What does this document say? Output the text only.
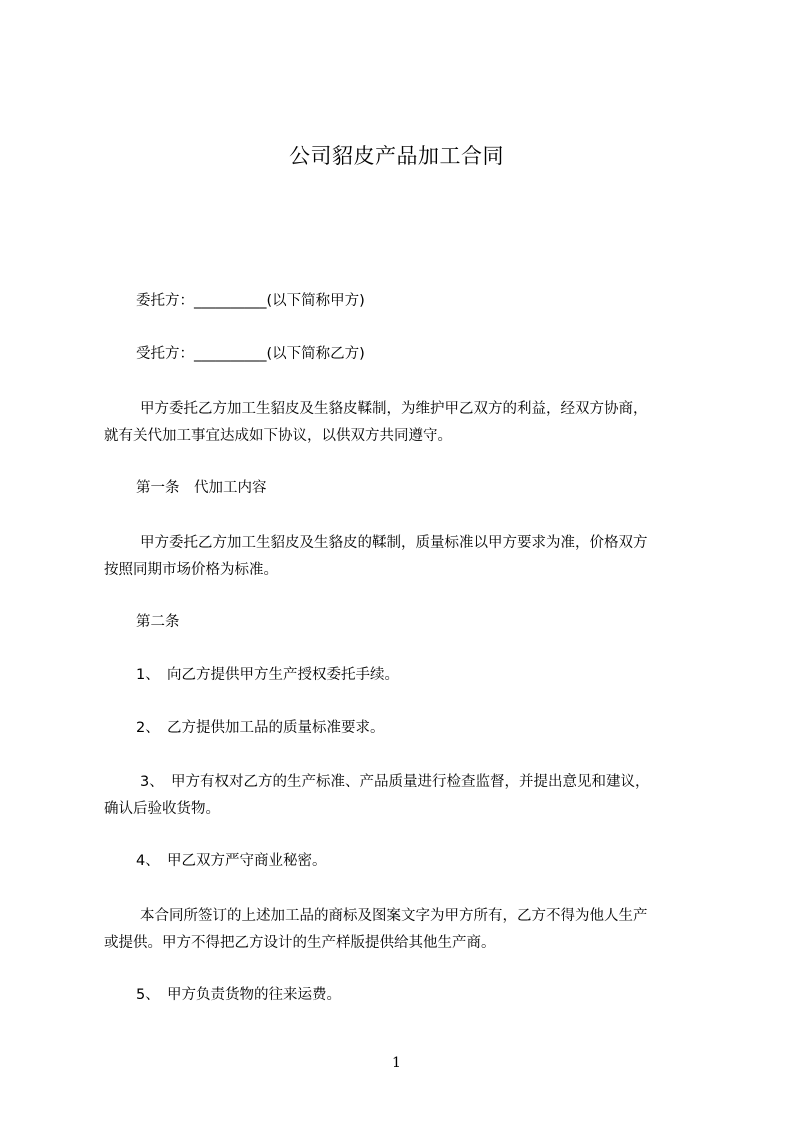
公司貂皮产品加工合同
委托方：__________(以下简称甲方)
受托方：__________(以下简称乙方)
甲方委托乙方加工生貂皮及生貉皮鞣制，为维护甲乙双方的利益，经双方协商，
就有关代加工事宜达成如下协议，以供双方共同遵守。
第一条　代加工内容
甲方委托乙方加工生貂皮及生貉皮的鞣制，质量标准以甲方要求为准，价格双方
按照同期市场价格为标准。
第二条
1、　向乙方提供甲方生产授权委托手续。
2、　乙方提供加工品的质量标准要求。
3、　甲方有权对乙方的生产标准、产品质量进行检查监督，并提出意见和建议，
确认后验收货物。
4、　甲乙双方严守商业秘密。
本合同所签订的上述加工品的商标及图案文字为甲方所有，乙方不得为他人生产
或提供。甲方不得把乙方设计的生产样版提供给其他生产商。
5、　甲方负责货物的往来运费。
1
